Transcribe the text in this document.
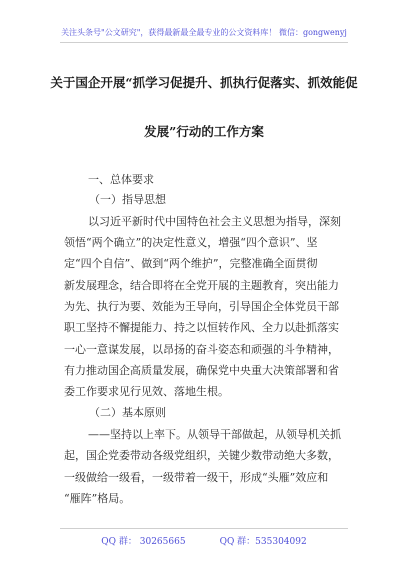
关注头条号"公文研究"，获得最新最全最专业的公文资料库！ 微信：gongwenyj
关于国企开展“抓学习促提升、抓执行促落实、抓效能促
发展”行动的工作方案
一、总体要求
（一）指导思想
以习近平新时代中国特色社会主义思想为指导，深刻
领悟“两个确立”的决定性意义，增强“四个意识”、坚
定“四个自信”、做到“两个维护”，完整准确全面贯彻
新发展理念，结合即将在全党开展的主题教育，突出能力
为先、执行为要、效能为王导向，引导国企全体党员干部
职工坚持不懈提能力、持之以恒转作风、全力以赴抓落实
一心一意谋发展，以昂扬的奋斗姿态和顽强的斗争精神，
有力推动国企高质量发展，确保党中央重大决策部署和省
委工作要求见行见效、落地生根。
（二）基本原则
——坚持以上率下。从领导干部做起，从领导机关抓
起，国企党委带动各级党组织，关键少数带动绝大多数，
一级做给一级看，一级带着一级干，形成“头雁”效应和
“雁阵”格局。
QQ 群： 30265665	QQ 群：535304092
